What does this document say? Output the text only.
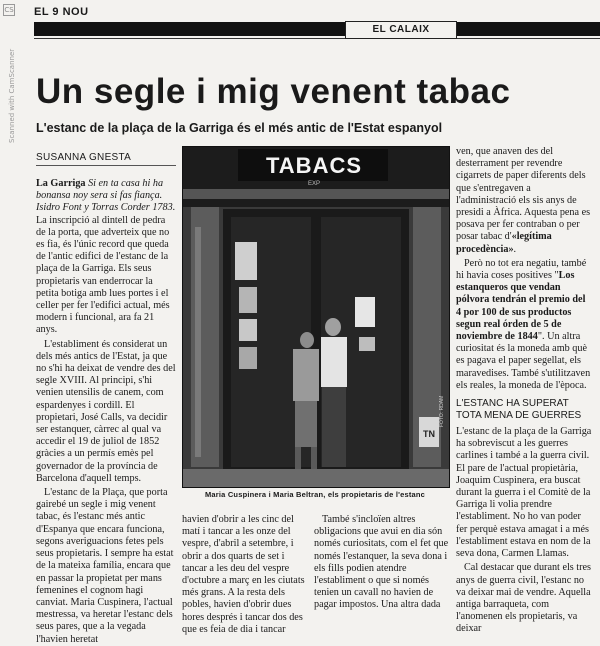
CS
Scanned with CamScanner
EL 9 NOU
EL CALAIX
Un segle i mig venent tabac
L'estanc de la plaça de la Garriga és el més antic de l'Estat espanyol
SUSANNA GNESTA

La Garriga Si en ta casa hi ha bonansa noy sera si fas fiança. Isidro Font y Torras Corder 1783. La inscripció al dintell de pedra de la porta, que adverteix que no es fia, és l'únic record que queda de l'antic edifici de l'estanc de la plaça de la Garriga. Els seus propietaris van enderrocar la petita botiga amb lues portes i el celler per fer l'edifici actual, més modern i funcional, ara fa 21 anys.

L'establiment és considerat un dels més antics de l'Estat, ja que no s'hi ha deixat de vendre des del segle XVIII. Al principi, s'hi venien utensilis de canem, com espardenyes i cordill. El propietari, José Calls, va decidir ser estanquer, càrrec al qual va accedir el 19 de juliol de 1852 gràcies a un permís emès pel governador de la província de Barcelona d'aquell temps.

L'estanc de la Plaça, que porta gairebé un segle i mig venent tabac, és l'estanc més antic d'Espanya que encara funciona, segons averiguacions fetes pels seus propietaris. I sempre ha estat de la mateixa família, encara que en passar la propietat per mans femenines el cognom hagi canviat. Maria Cuspinera, l'actual mestressa, va heretar l'estanc dels seus pares, que a la vegada l'havien heretat

TABACS
EXP
TN
FOTO: RDAM
Maria Cuspinera i Maria Beltran, els propietaris de l'estanc

havien d'obrir a les cinc del matí i tancar a les onze del vespre, d'abril a setembre, i obrir a dos quarts de set i tancar a les deu del vespre d'octubre a març en les ciutats més grans. A la resta dels pobles, havien d'obrir dues hores després i tancar dos des que es feia de dia i tancar

També s'incloïen altres obligacions que avui en dia són només curiositats, com el fet que només l'estanquer, la seva dona i els fills podien atendre l'establiment o que si només tenien un cavall no havien de pagar impostos. Una altra dada

ven, que anaven des del desterrament per revendre cigarrets de paper diferents dels que s'entregaven a l'administració els sis anys de presidi a Àfrica. Aquesta pena es posava per fer contraban o per posar tabac d'«legítima procedència».

Però no tot era negatiu, també hi havia coses positives "Los estanqueros que vendan pólvora tendrán el premio del 4 por 100 de sus productos segun real órden de 5 de noviembre de 1844". Un altra curiositat és la moneda amb què es pagava el paper segellat, els maravedises. També s'utilitzaven els reales, la moneda de l'època.

L'ESTANC HA SUPERAT TOTA MENA DE GUERRES

L'estanc de la plaça de la Garriga ha sobreviscut a les guerres carlines i també a la guerra civil. El pare de l'actual propietària, Joaquim Cuspinera, era buscat durant la guerra i el Comitè de la Garriga li volia prendre l'establiment. No ho van poder fer perquè estava amagat i a més l'establiment estava en nom de la seva dona, Carmen Llamas.

Cal destacar que durant els tres anys de guerra civil, l'estanc no va deixar mai de vendre. Aquella antiga barraqueta, com l'anomenen els propietaris, va deixar
